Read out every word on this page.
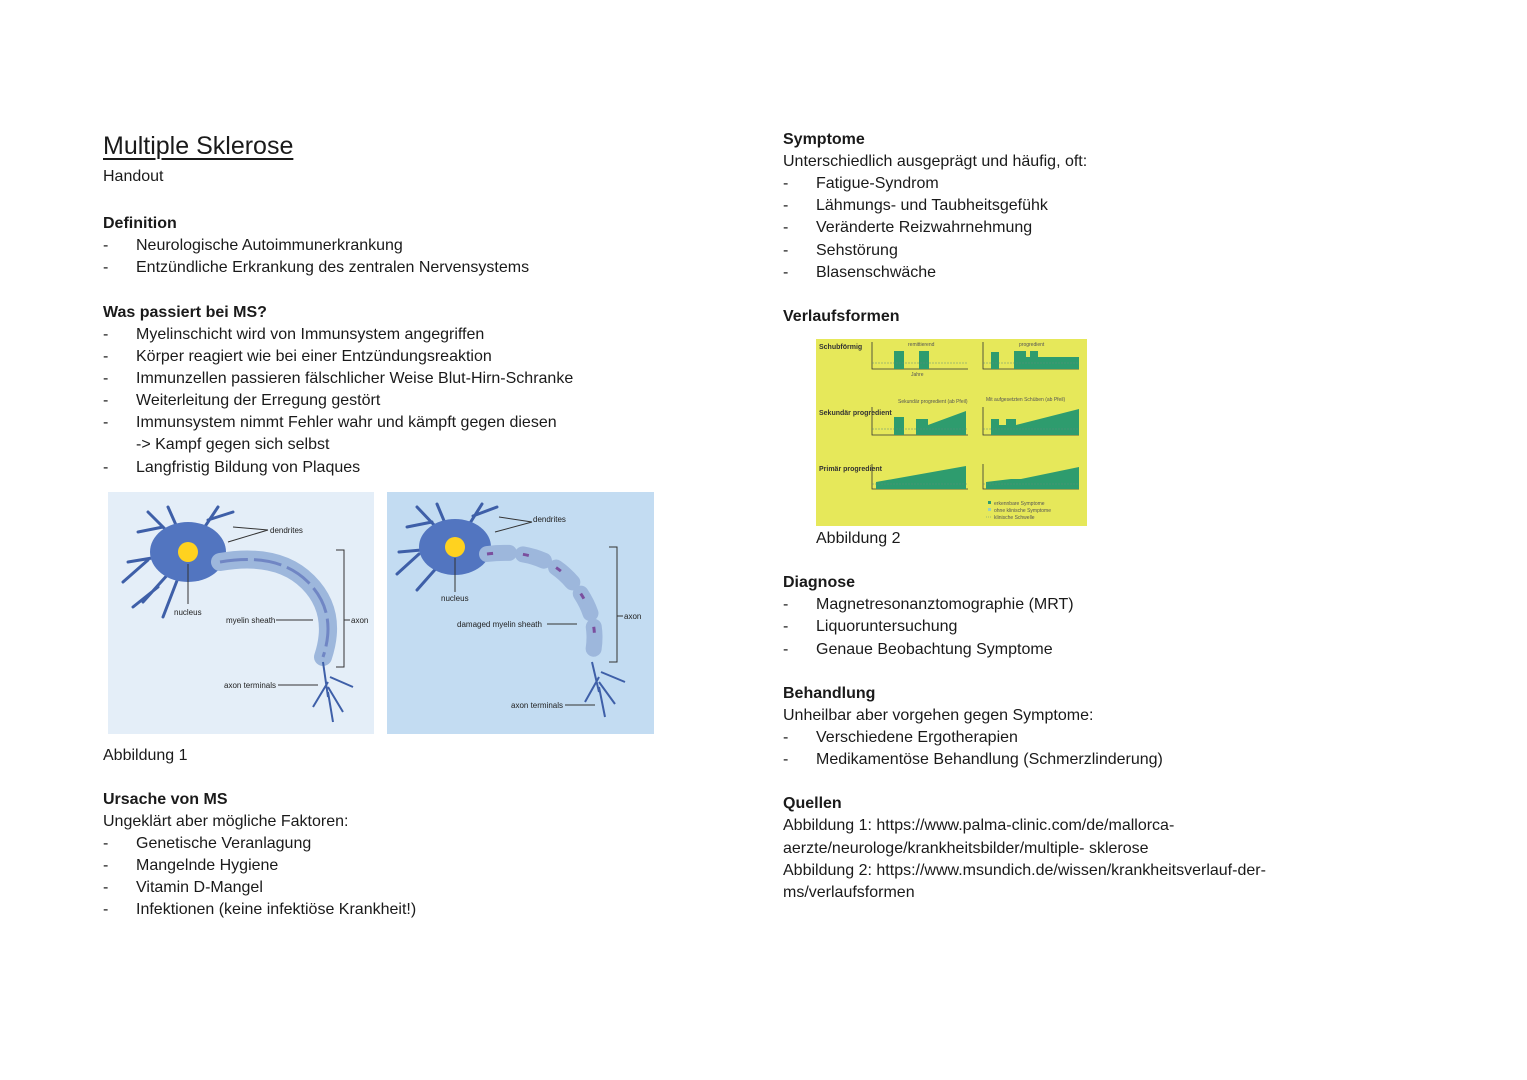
Multiple Sklerose
Handout
Definition
- Neurologische Autoimmunerkrankung
- Entzündliche Erkrankung des zentralen Nervensystems
Was passiert bei MS?
- Myelinschicht wird von Immunsystem angegriffen
- Körper reagiert wie bei einer Entzündungsreaktion
- Immunzellen passieren fälschlicher Weise Blut-Hirn-Schranke
- Weiterleitung der Erregung gestört
- Immunsystem nimmt Fehler wahr und kämpft gegen diesen
-> Kampf gegen sich selbst
- Langfristig Bildung von Plaques
dendrites
nucleus
myelin sheath	axon
axon terminals
dendrites
nucleus
damaged myelin sheath
axon
axon terminals
Abbildung 1
Ursache von MS
Ungeklärt aber mögliche Faktoren:
- Genetische Veranlagung
- Mangelnde Hygiene
- Vitamin D-Mangel
- Infektionen (keine infektiöse Krankheit!)
Symptome
Unterschiedlich ausgeprägt und häufig, oft:
- Fatigue-Syndrom
- Lähmungs- und Taubheitsgefühk
- Veränderte Reizwahrnehmung
- Sehstörung
- Blasenschwäche
Verlaufsformen
Schubförmig
Sekundär progredient
Primär progredient
remittierend	progredient
Jahre
Sekundär progredient (ab Pfeil)	Mit aufgesetzten Schüben (ab Pfeil)
erkennbare Symptome
ohne klinische Symptome
klinische Schwelle
Abbildung 2
Diagnose
- Magnetresonanztomographie (MRT)
- Liquoruntersuchung
- Genaue Beobachtung Symptome
Behandlung
Unheilbar aber vorgehen gegen Symptome:
- Verschiedene Ergotherapien
- Medikamentöse Behandlung (Schmerzlinderung)
Quellen
Abbildung 1: https://www.palma-clinic.com/de/mallorca-
aerzte/neurologe/krankheitsbilder/multiple- sklerose
Abbildung 2: https://www.msundich.de/wissen/krankheitsverlauf-der-
ms/verlaufsformen
